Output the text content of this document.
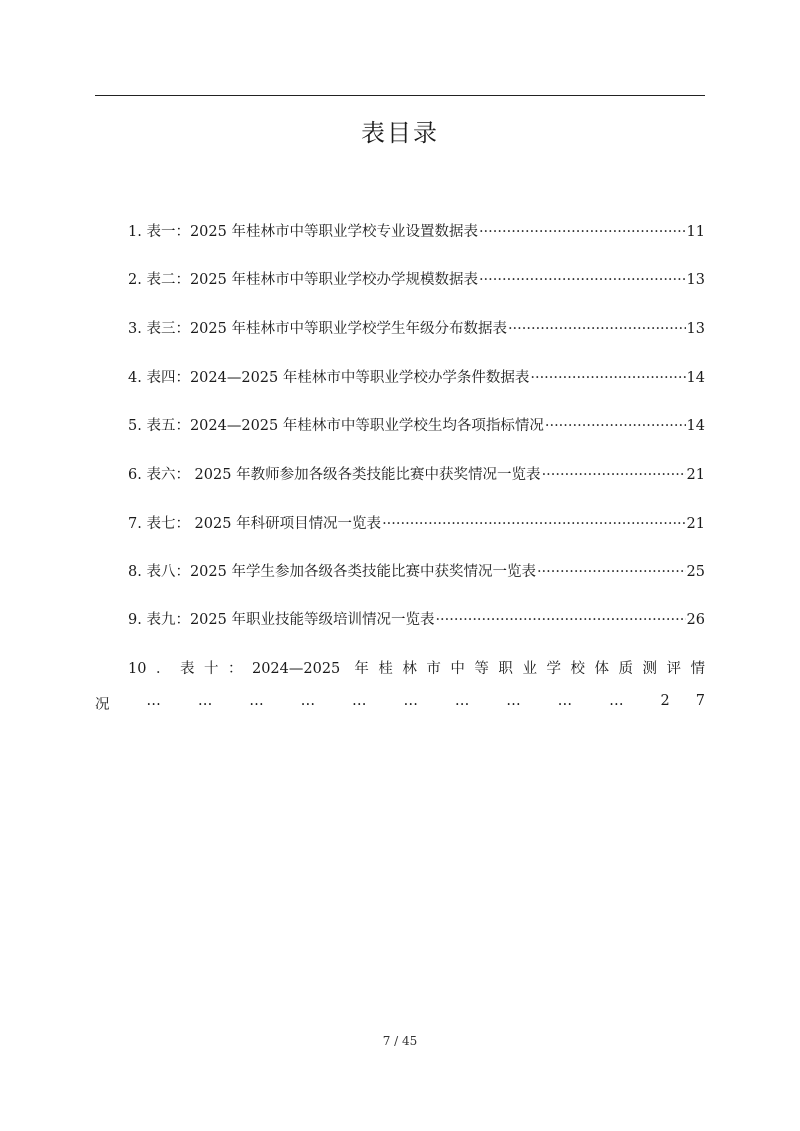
表目录
1. 表一：2025 年桂林市中等职业学校专业设置数据表 ·····	11
2. 表二：2025 年桂林市中等职业学校办学规模数据表 ·····	13
3. 表三：2025 年桂林市中等职业学校学生年级分布数据表 ·····	13
4. 表四：2024—2025 年桂林市中等职业学校办学条件数据表 ·····	14
5. 表五：2024—2025 年桂林市中等职业学校生均各项指标情况 ·····	14
6. 表六： 2025 年教师参加各级各类技能比赛中获奖情况一览表 ·····	21
7. 表七： 2025 年科研项目情况一览表 ·····	21
8. 表八：2025 年学生参加各级各类技能比赛中获奖情况一览表 ·····	25
9. 表九：2025 年职业技能等级培训情况一览表 ·····	26
10．表十：2024—2025 年桂林市中等职业学校体质测评情
况	…	…	…	…	…	…	…	…	…	…	27
7 / 45
